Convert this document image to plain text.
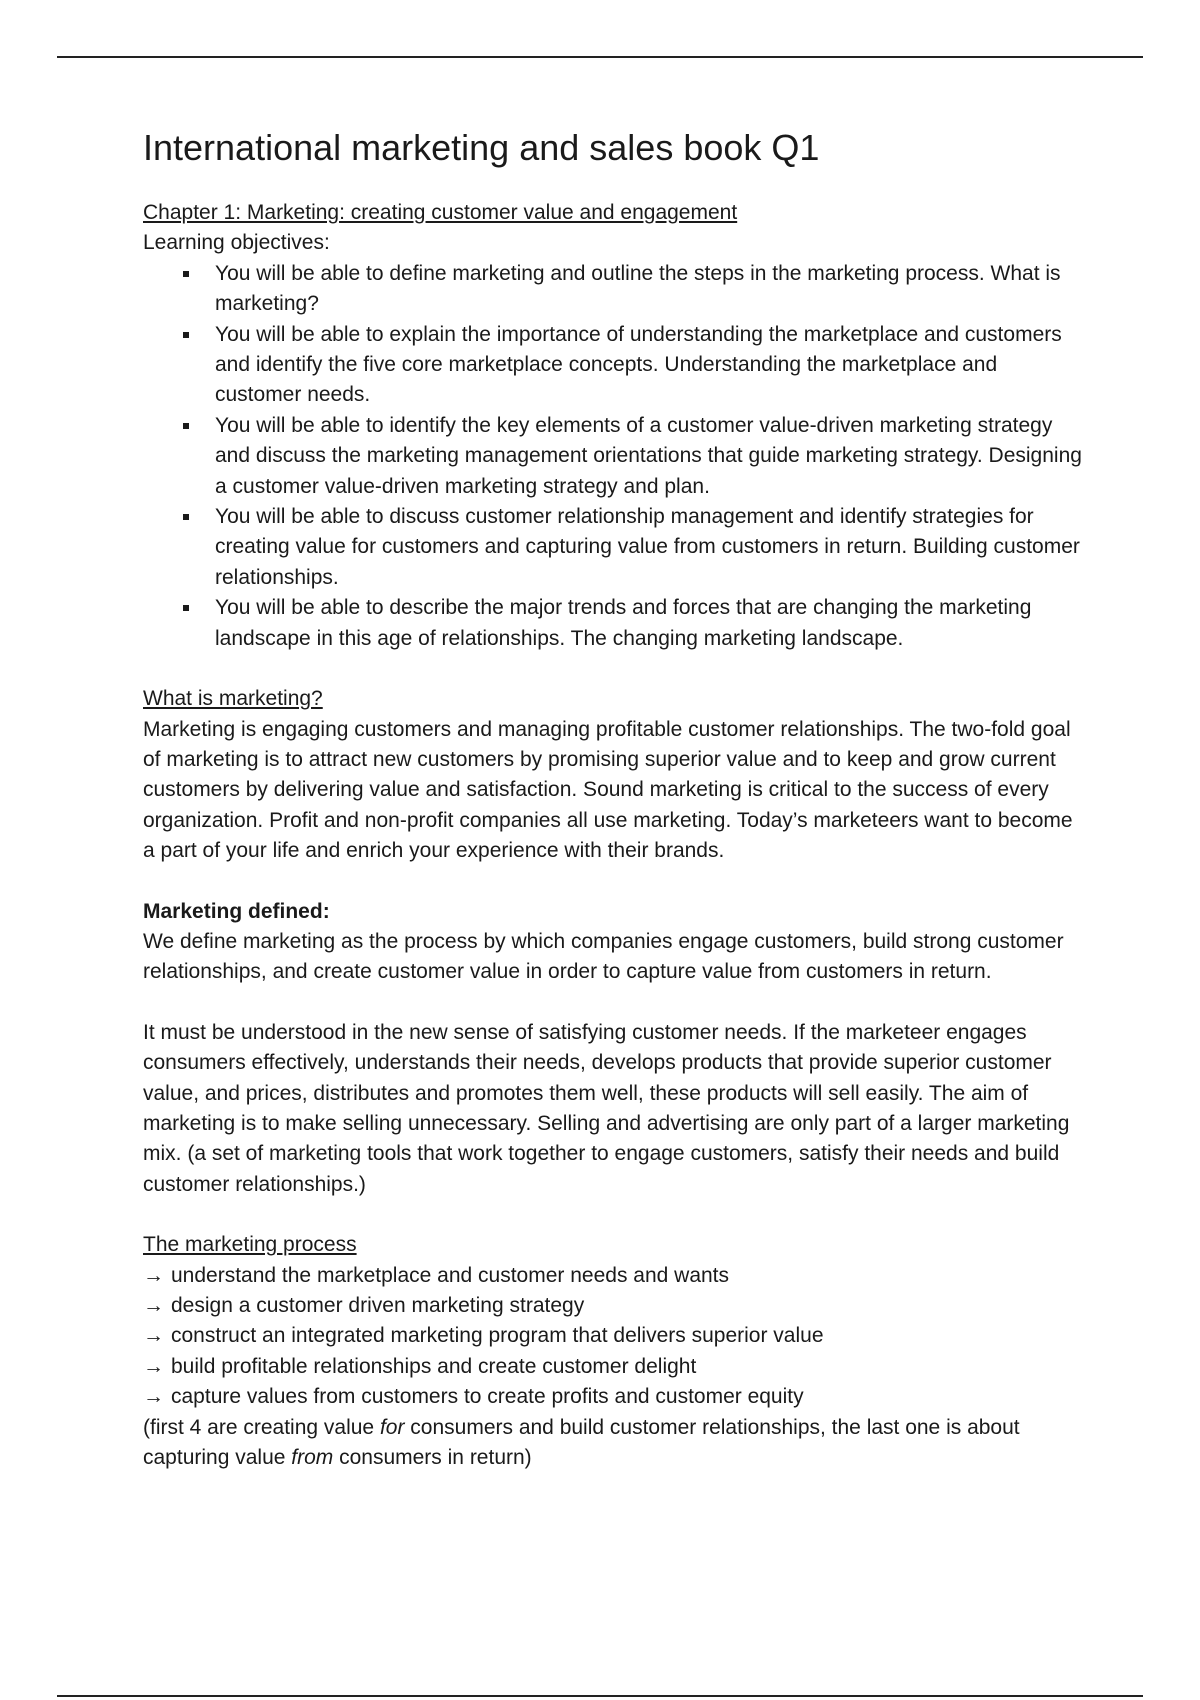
International marketing and sales book Q1

Chapter 1: Marketing: creating customer value and engagement

Learning objectives:

You will be able to define marketing and outline the steps in the marketing process. What is marketing?
You will be able to explain the importance of understanding the marketplace and customers and identify the five core marketplace concepts. Understanding the marketplace and customer needs.
You will be able to identify the key elements of a customer value-driven marketing strategy and discuss the marketing management orientations that guide marketing strategy. Designing a customer value-driven marketing strategy and plan.
You will be able to discuss customer relationship management and identify strategies for creating value for customers and capturing value from customers in return. Building customer relationships.
You will be able to describe the major trends and forces that are changing the marketing landscape in this age of relationships. The changing marketing landscape.

What is marketing?

Marketing is engaging customers and managing profitable customer relationships. The two-fold goal of marketing is to attract new customers by promising superior value and to keep and grow current customers by delivering value and satisfaction. Sound marketing is critical to the success of every organization. Profit and non-profit companies all use marketing. Today’s marketeers want to become a part of your life and enrich your experience with their brands.

Marketing defined:

We define marketing as the process by which companies engage customers, build strong customer relationships, and create customer value in order to capture value from customers in return.

It must be understood in the new sense of satisfying customer needs. If the marketeer engages consumers effectively, understands their needs, develops products that provide superior customer value, and prices, distributes and promotes them well, these products will sell easily. The aim of marketing is to make selling unnecessary. Selling and advertising are only part of a larger marketing mix. (a set of marketing tools that work together to engage customers, satisfy their needs and build customer relationships.)

The marketing process

→ understand the marketplace and customer needs and wants

→ design a customer driven marketing strategy

→ construct an integrated marketing program that delivers superior value

→ build profitable relationships and create customer delight

→ capture values from customers to create profits and customer equity

(first 4 are creating value for consumers and build customer relationships, the last one is about capturing value from consumers in return)
